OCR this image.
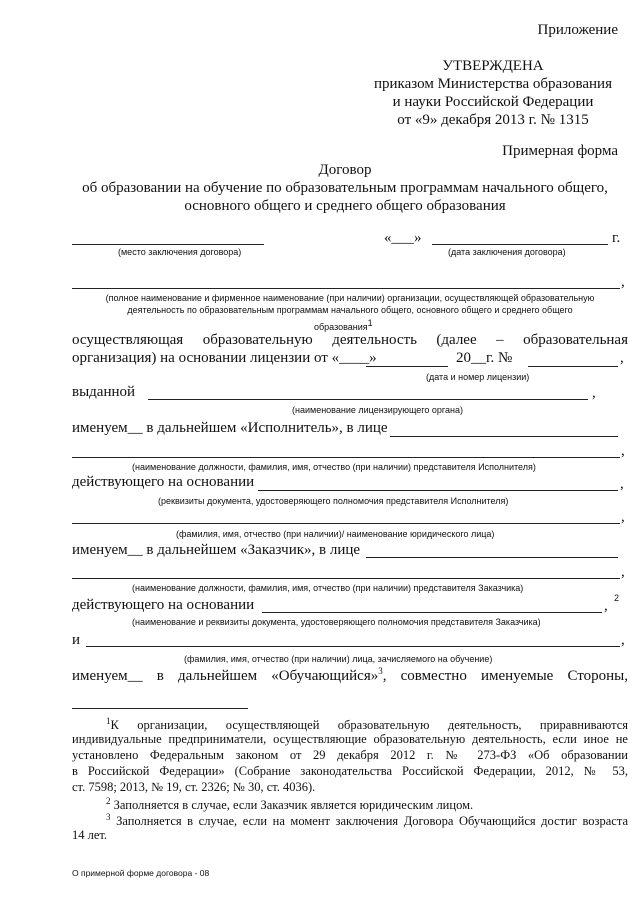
Приложение
УТВЕРЖДЕНА
приказом Министерства образования
и науки Российской Федерации
от «9» декабря 2013 г. № 1315
Примерная форма
Договор
об образовании на обучение по образовательным программам начального общего,
основного общего и среднего общего образования
«___»	г.
(место заключения договора)	(дата заключения договора)
,
(полное наименование и фирменное наименование (при наличии) организации, осуществляющей образовательную
деятельность по образовательным программам начального общего, основного общего и среднего общего
образования$^1$
осуществляющая образовательную деятельность (далее – образовательная
организация) на основании лицензии от «____»	20__г. №	,
(дата и номер лицензии)
выданной	,
(наименование лицензирующего органа)
именуем__ в дальнейшем «Исполнитель», в лице
,
(наименование должности, фамилия, имя, отчество (при наличии) представителя Исполнителя)
действующего на основании	,
(реквизиты документа, удостоверяющего полномочия представителя Исполнителя)
,
(фамилия, имя, отчество (при наличии)/ наименование юридического лица)
именуем__ в дальнейшем «Заказчик», в лице
,
(наименование должности, фамилия, имя, отчество (при наличии) представителя Заказчика)
действующего на основании	, 2
(наименование и реквизиты документа, удостоверяющего полномочия представителя Заказчика)
и	,
(фамилия, имя, отчество (при наличии) лица, зачисляемого на обучение)
именуем__ в дальнейшем «Обучающийся»$^3$, совместно именуемые Стороны,
$^1$К организации, осуществляющей образовательную деятельность, приравниваются
индивидуальные предприниматели, осуществляющие образовательную деятельность, если иное не
установлено Федеральным законом от 29 декабря 2012 г. № 273-ФЗ «Об образовании
в Российской Федерации» (Собрание законодательства Российской Федерации, 2012, № 53,
ст. 7598; 2013, № 19, ст. 2326; № 30, ст. 4036).
$^2$ Заполняется в случае, если Заказчик является юридическим лицом.
$^3$ Заполняется в случае, если на момент заключения Договора Обучающийся достиг возраста
14 лет.
О примерной форме договора - 08
